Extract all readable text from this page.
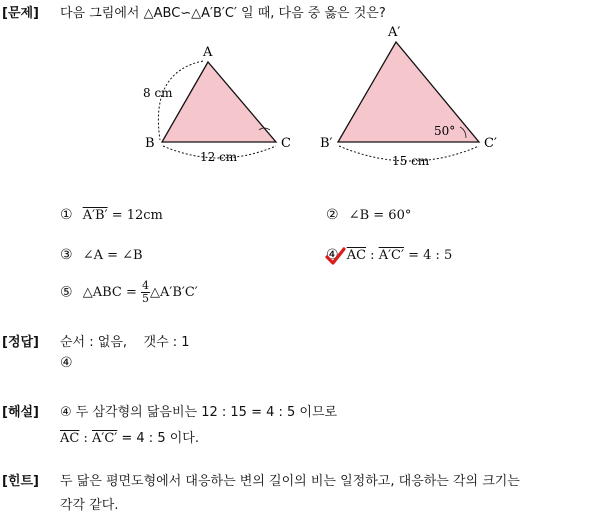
[문제] 다음 그림에서 △ABC∽△A′B′C′ 일 때, 다음 중 옳은 것은?
A
B	C
8 cm
12 cm
A′
B′	C′
50°
15 cm
① A′B′ = 12cm	② ∠B = 60°
③ ∠A = ∠B	④ $\overline{AC}$ : A′C′ = 4 : 5
⑤ △ABC = $\frac{4}{5}$ △A′B′C′
[정답] 순서 : 없음,    갯수 : 1
④
[해설] ④ 두 삼각형의 닮음비는 12 : 15 = 4 : 5 이므로
$\overline{AC}$ : A′C′ = 4 : 5 이다.
[힌트] 두 닮은 평면도형에서 대응하는 변의 길이의 비는 일정하고, 대응하는 각의 크기는
각각 같다.
